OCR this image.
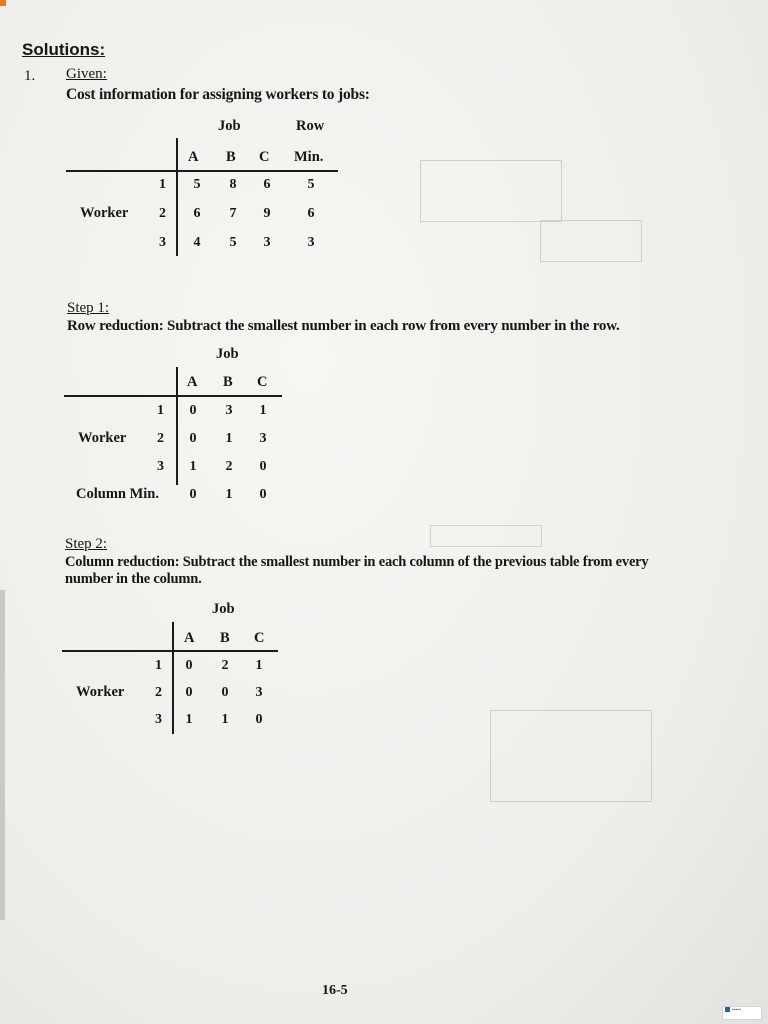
Solutions:
1. Given:
Cost information for assigning workers to jobs:
Job	Row
A B C Min.
Worker
1	5	8	6	5
2	6	7	9	6
3	4	5	3	3
Step 1:
Row reduction: Subtract the smallest number in each row from every number in the row.
Job
A B C
Worker
1	0	3	1
2	0	1	3
3	1	2	0
Column Min.	0	1	0
Step 2:
Column reduction: Subtract the smallest number in each column of the previous table from every
number in the column.
Job
A B C
Worker
1	0	2	1
2	0	0	3
3	1	1	0
16-5
▪▪▪▪▪
